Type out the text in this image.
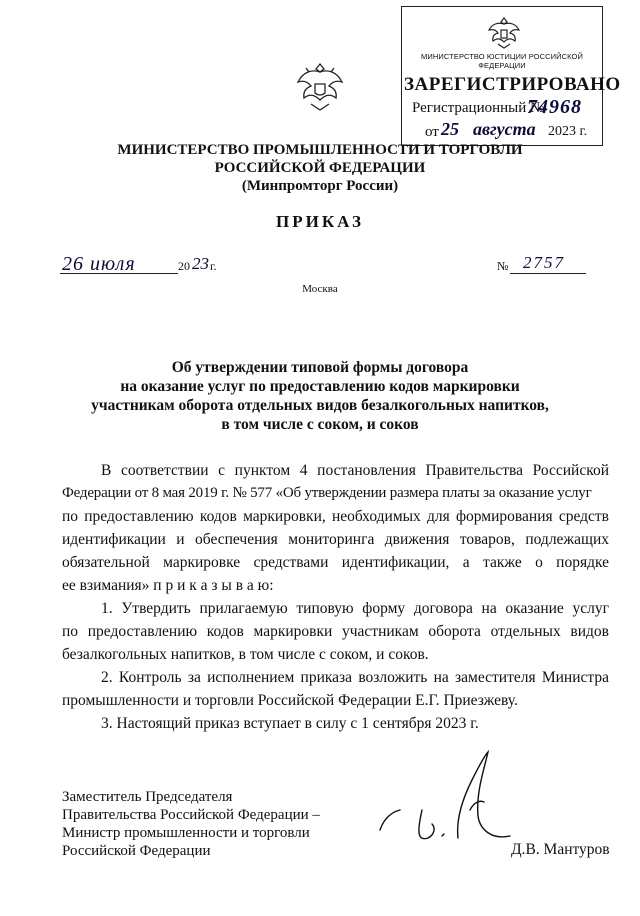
МИНИСТЕРСТВО ЮСТИЦИИ РОССИЙСКОЙ ФЕДЕРАЦИИ
ЗАРЕГИСТРИРОВАНО
Регистрационный №
74968
от 25 августа 2023 г.
МИНИСТЕРСТВО ПРОМЫШЛЕННОСТИ И ТОРГОВЛИ
РОССИЙСКОЙ ФЕДЕРАЦИИ
(Минпромторг России)
ПРИКАЗ
26 июля	20 23 г.	№ 2757
Москва
Об утверждении типовой формы договора
на оказание услуг по предоставлению кодов маркировки
участникам оборота отдельных видов безалкогольных напитков,
в том числе с соком, и соков
В соответствии с пунктом 4 постановления Правительства Российской
Федерации от 8 мая 2019 г. № 577 «Об утверждении размера платы за оказание услуг
по предоставлению кодов маркировки, необходимых для формирования средств
идентификации и обеспечения мониторинга движения товаров, подлежащих
обязательной маркировке средствами идентификации, а также о порядке
ее взимания» п р и к а з ы в а ю:
1. Утвердить прилагаемую типовую форму договора на оказание услуг
по предоставлению кодов маркировки участникам оборота отдельных видов
безалкогольных напитков, в том числе с соком, и соков.
2. Контроль за исполнением приказа возложить на заместителя Министра
промышленности и торговли Российской Федерации Е.Г. Приезжеву.
3. Настоящий приказ вступает в силу с 1 сентября 2023 г.
Заместитель Председателя
Правительства Российской Федерации –
Министр промышленности и торговли
Российской Федерации	Д.В. Мантуров
